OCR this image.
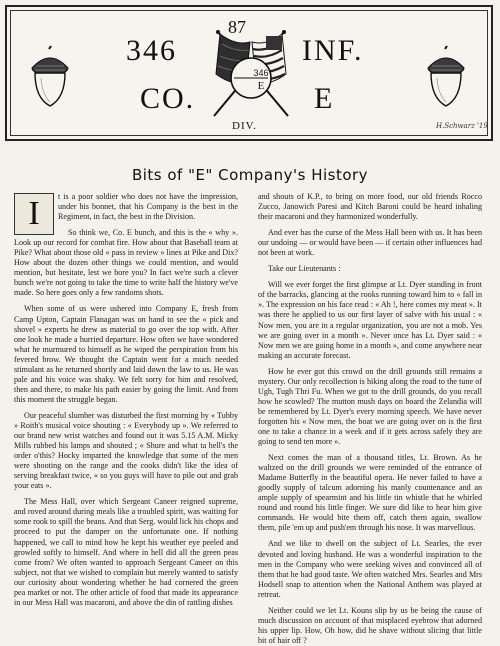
346	INF.
CO.	E
87
DIV.
346
E
H.Schwarz '19
Bits of "E" Company's History

I	t is a poor soldier who does not have the impression, under his bonnet, that his Company is the best in the Regiment, in fact, the best in the Division.

So think we, Co. E bunch, and this is the « why ». Look up our record for combat fire. How about that Baseball team at Pike? What about those old « pass in review » lines at Pike and Dix? How about the dozen other things we could mention, and would mention, but hesitate, lest we bore you? In fact we're such a clever bunch we're not going to take the time to write half the history we've made. So here goes only a few randoms shots.

When some of us were ushered into Company E, fresh from Camp Upton, Captain Flanagan was on hand to see the « pick and shovel » experts he drew as material to go over the top with. After one look he made a hurried departure. How often we have wondered what he murmured to himself as he wiped the perspiration from his fevered brow. We thought the Captain went for a much needed stimulant as he returned shortly and laid down the law to us. He was pale and his voice was shaky. We felt sorry for him and resolved, then and there, to make his path easier by going the limit. And from this moment the struggle began.

Our peaceful slumber was disturbed the first morning by « Tubby » Roith's musical voice shouting : « Everybody up ». We referred to our brand new wrist watches and found out it was 5.15 A.M. Micky Mills rubbed his lamps and shouted ; « Shure and what ta hell's the order o'this? Hocky imparted the knowledge that some of the men were shooting on the range and the cooks didn't like the idea of serving breakfast twice, « so you guys will have to pile out and grab your eats ».

The Mess Hall, over which Sergeant Caneer reigned supreme, and roved around during meals like a troubled spirit, was waiting for some rook to spill the beans. And that Serg. would lick his chops and proceed to put the damper on the unfortunate one. If nothing happened, we call to mind how he kept his weather eye peeled and growled softly to himself. And where in hell did all the green peas come from? We often wanted to approach Sergeant Caneer on this subject, not that we wished to complain but merely wanted to satisfy our curiosity about wondering whether he had cornered the green pea market or not. The other article of food that made its appearance in our Mess Hall was macaroni, and above the din of rattling dishes

and shouts of K.P., to bring on more food, our old friends Rocco Zucco, Janowich Paresi and Kitch Baroni could be heard inhaling their macaroni and they harmonized wonderfully.

And ever has the curse of the Mess Hall been with us. It has been our undoing — or would have been — if certain other influences had not been at work.

Take our Lieutenants :

Will we ever forget the first glimpse at Lt. Dyer standing in front of the barracks, glancing at the rooks running toward him to « fall in ». The expression on his face read : « Ah !, here comes my meat ». It was there he applied to us our first layer of salve with his usual : « Now men, you are in a regular organization, you are not a mob. Yes we are going over in a month ». Never once has Lt. Dyer said : « Now men we are going home in a month », and come anywhere near making an accurate forecast.

How he ever got this crowd on the drill grounds still remains a mystery. Our only recollection is hiking along the road to the tune of Ugh, Tugh Thri Fu. When we got to the drill grounds, do you recall how he scowled? The mutton mush days on board the Zelandia will be remembered by Lt. Dyer's every morning speech. We have never forgotten his « Now men, the boat we are going over on is the first one to take a chance in a week and if it gets across safely they are going to send ten more ».

Next comes the man of a thousand titles, Lt. Brown. As he waltzed on the drill grounds we were reminded of the entrance of Madame Butterfly in the beautiful opera. He never failed to have a goodly supply of talcum adorning his manly countenance and an ample supply of spearmint and his little tin whistle that he whirled round and round his little finger. We sure did like to hear him give commands. He would bite them off, catch them again, swallow them, pile 'em up and push'em through his nose. It was marvellous.

And we like to dwell on the subject of Lt. Searles, the ever devoted and loving husband. He was a wonderful inspiration to the men in the Company who were seeking wives and convinced all of them that he had good taste. We often watched Mrs. Searles and Mrs Hodsell snap to attention when the National Anthem was played at retreat.

Neither could we let Lt. Kouns slip by us be being the cause of much discussion on account of that misplaced eyebrow that adorned his upper lip. How, Oh how, did he shave without slicing that little bit of hair off ?
